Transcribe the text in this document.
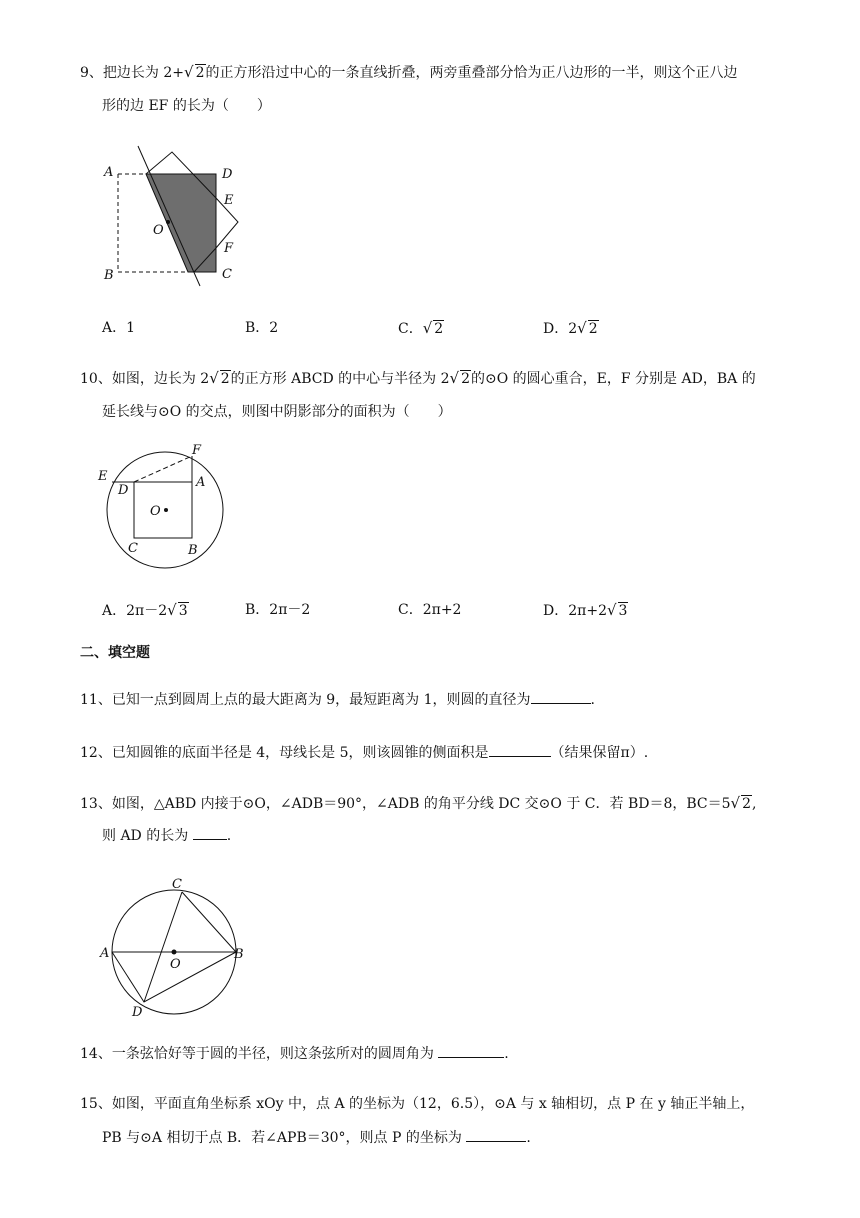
9、把边长为 2+√ 2的正方形沿过中心的一条直线折叠，两旁重叠部分恰为正八边形的一半，则这个正八边
形的边 EF 的长为（　　）
A
B
D
E
F
C
O
A．1	B．2	C．√ 2	D．2√ 2
10、如图，边长为 2√ 2的正方形 ABCD 的中心与半径为 2√ 2的⊙O 的圆心重合，E，F 分别是 AD，BA 的
延长线与⊙O 的交点，则图中阴影部分的面积为（　　）
E
D
F
A
O
C	B
A．2π－2√ 3	B．2π－2	C．2π+2	D．2π+2√ 3
二、填空题
11、已知一点到圆周上点的最大距离为 9，最短距离为 1，则圆的直径为	.
12、已知圆锥的底面半径是 4，母线长是 5，则该圆锥的侧面积是	（结果保留π）.
13、如图，△ABD 内接于⊙O，∠ADB＝90°，∠ADB 的角平分线 DC 交⊙O 于 C．若 BD＝8，BC＝5√ 2,
则 AD 的长为	.
A	B
C
D
O
14、一条弦恰好等于圆的半径，则这条弦所对的圆周角为	.
15、如图，平面直角坐标系 xOy 中，点 A 的坐标为（12，6.5），⊙A 与 x 轴相切，点 P 在 y 轴正半轴上，
PB 与⊙A 相切于点 B．若∠APB＝30°，则点 P 的坐标为	.
